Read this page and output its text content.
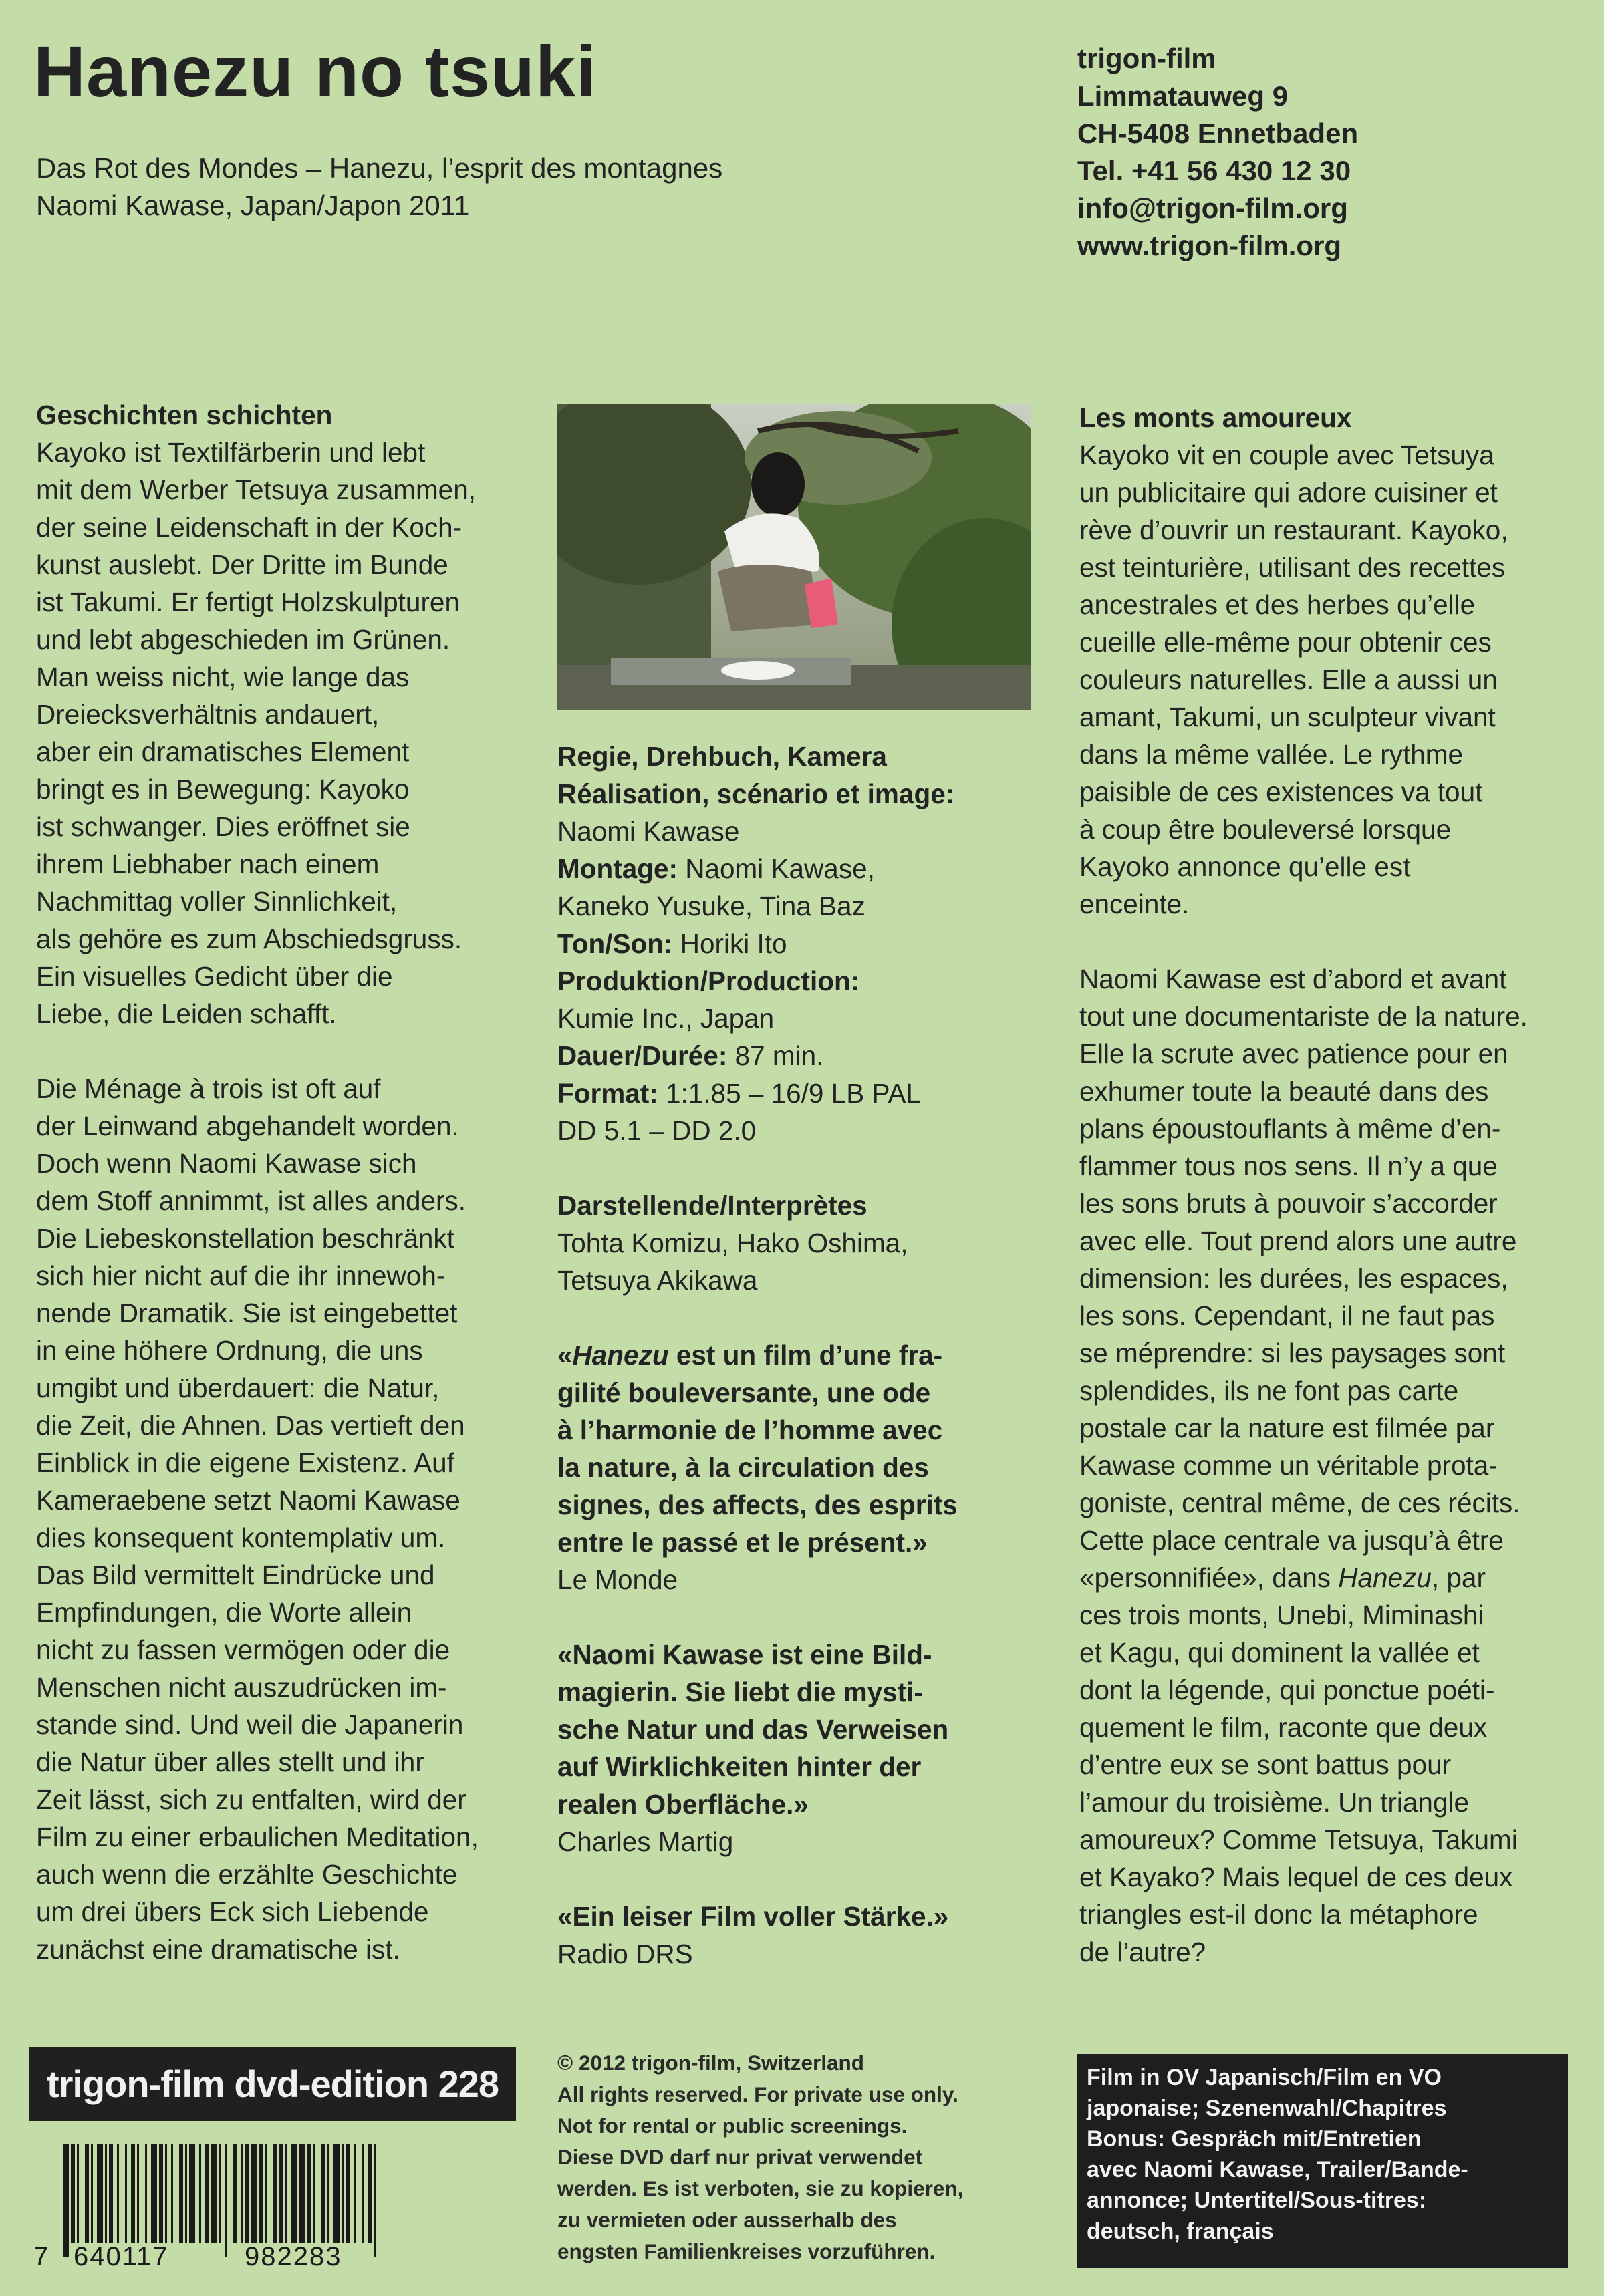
Hanezu no tsuki
Das Rot des Mondes – Hanezu, l’esprit des montagnes
Naomi Kawase, Japan/Japon 2011
trigon-film
Limmatauweg 9
CH-5408 Ennetbaden
Tel. +41 56 430 12 30
info@trigon-film.org
www.trigon-film.org

Geschichten schichten

Kayoko ist Textilfärberin und lebt
mit dem Werber Tetsuya zusammen,
der seine Leidenschaft in der Koch-
kunst auslebt. Der Dritte im Bunde
ist Takumi. Er fertigt Holzskulpturen
und lebt abgeschieden im Grünen.
Man weiss nicht, wie lange das
Dreiecksverhältnis andauert,
aber ein dramatisches Element
bringt es in Bewegung: Kayoko
ist schwanger. Dies eröffnet sie
ihrem Liebhaber nach einem
Nachmittag voller Sinnlichkeit,
als gehöre es zum Abschiedsgruss.
Ein visuelles Gedicht über die
Liebe, die Leiden schafft.
Die Ménage à trois ist oft auf
der Leinwand abgehandelt worden.
Doch wenn Naomi Kawase sich
dem Stoff annimmt, ist alles anders.
Die Liebeskonstellation beschränkt
sich hier nicht auf die ihr innewoh-
nende Dramatik. Sie ist eingebettet
in eine höhere Ordnung, die uns
umgibt und überdauert: die Natur,
die Zeit, die Ahnen. Das vertieft den
Einblick in die eigene Existenz. Auf
Kameraebene setzt Naomi Kawase
dies konsequent kontemplativ um.
Das Bild vermittelt Eindrücke und
Empfindungen, die Worte allein
nicht zu fassen vermögen oder die
Menschen nicht auszudrücken im-
stande sind. Und weil die Japanerin
die Natur über alles stellt und ihr
Zeit lässt, sich zu entfalten, wird der
Film zu einer erbaulichen Meditation,
auch wenn die erzählte Geschichte
um drei übers Eck sich Liebende
zunächst eine dramatische ist.

Regie, Drehbuch, Kamera

Réalisation, scénario et image:

Naomi Kawase

Montage: Naomi Kawase,

Kaneko Yusuke, Tina Baz

Ton/Son: Horiki Ito

Produktion/Production:

Kumie Inc., Japan

Dauer/Durée: 87 min.

Format: 1:1.85 – 16/9 LB PAL

DD 5.1 – DD 2.0

Darstellende/Interprètes

Tohta Komizu, Hako Oshima,

Tetsuya Akikawa

«Hanezu est un film d’une fra-

gilité bouleversante, une ode
à l’harmonie de l’homme avec
la nature, à la circulation des
signes, des affects, des esprits
entre le passé et le présent.»

Le Monde

«Naomi Kawase ist eine Bild-
magierin. Sie liebt die mysti-
sche Natur und das Verweisen
auf Wirklichkeiten hinter der
realen Oberfläche.»

Charles Martig

«Ein leiser Film voller Stärke.»

Radio DRS

Les monts amoureux

Kayoko vit en couple avec Tetsuya
un publicitaire qui adore cuisiner et
rève d’ouvrir un restaurant. Kayoko,
est teinturière, utilisant des recettes
ancestrales et des herbes qu’elle
cueille elle-même pour obtenir ces
couleurs naturelles. Elle a aussi un
amant, Takumi, un sculpteur vivant
dans la même vallée. Le rythme
paisible de ces existences va tout
à coup être bouleversé lorsque
Kayoko annonce qu’elle est
enceinte.
Naomi Kawase est d’abord et avant
tout une documentariste de la nature.
Elle la scrute avec patience pour en
exhumer toute la beauté dans des
plans époustouflants à même d’en-
flammer tous nos sens. Il n’y a que
les sons bruts à pouvoir s’accorder
avec elle. Tout prend alors une autre
dimension: les durées, les espaces,
les sons. Cependant, il ne faut pas
se méprendre: si les paysages sont
splendides, ils ne font pas carte
postale car la nature est filmée par
Kawase comme un véritable prota-
goniste, central même, de ces récits.
Cette place centrale va jusqu’à être

«personnifiée», dans Hanezu, par

ces trois monts, Unebi, Miminashi
et Kagu, qui dominent la vallée et
dont la légende, qui ponctue poéti-
quement le film, raconte que deux
d’entre eux se sont battus pour
l’amour du troisième. Un triangle
amoureux? Comme Tetsuya, Takumi
et Kayako? Mais lequel de ces deux
triangles est-il donc la métaphore
de l’autre?
trigon-film dvd-edition 228
7 640117	982283
© 2012 trigon-film, Switzerland
All rights reserved. For private use only.
Not for rental or public screenings.
Diese DVD darf nur privat verwendet
werden. Es ist verboten, sie zu kopieren,
zu vermieten oder ausserhalb des
engsten Familienkreises vorzuführen.
Film in OV Japanisch/Film en VO
japonaise; Szenenwahl/Chapitres
Bonus: Gespräch mit/Entretien
avec Naomi Kawase, Trailer/Bande-
annonce; Untertitel/Sous-titres:
deutsch, français
